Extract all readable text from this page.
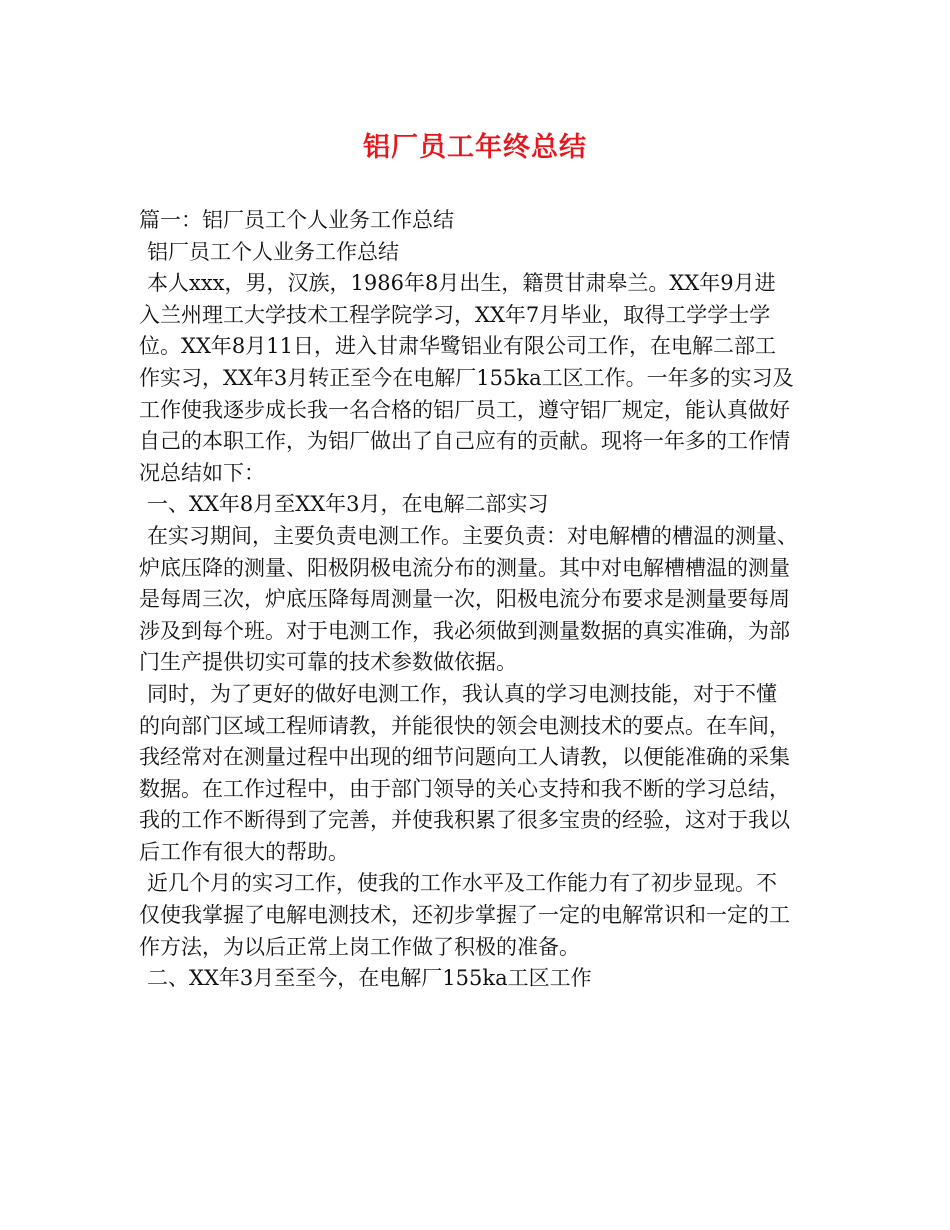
铝厂员工年终总结
篇一：铝厂员工个人业务工作总结
铝厂员工个人业务工作总结
本人xxx，男，汉族，1986年8月出生，籍贯甘肃皋兰。XX年9月进
入兰州理工大学技术工程学院学习，XX年7月毕业，取得工学学士学
位。XX年8月11日，进入甘肃华鹭铝业有限公司工作，在电解二部工
作实习，XX年3月转正至今在电解厂155ka工区工作。一年多的实习及
工作使我逐步成长我一名合格的铝厂员工，遵守铝厂规定，能认真做好
自己的本职工作，为铝厂做出了自己应有的贡献。现将一年多的工作情
况总结如下：
一、XX年8月至XX年3月，在电解二部实习
在实习期间，主要负责电测工作。主要负责：对电解槽的槽温的测量、
炉底压降的测量、阳极阴极电流分布的测量。其中对电解槽槽温的测量
是每周三次，炉底压降每周测量一次，阳极电流分布要求是测量要每周
涉及到每个班。对于电测工作，我必须做到测量数据的真实准确，为部
门生产提供切实可靠的技术参数做依据。
同时，为了更好的做好电测工作，我认真的学习电测技能，对于不懂
的向部门区域工程师请教，并能很快的领会电测技术的要点。在车间，
我经常对在测量过程中出现的细节问题向工人请教，以便能准确的采集
数据。在工作过程中，由于部门领导的关心支持和我不断的学习总结，
我的工作不断得到了完善，并使我积累了很多宝贵的经验，这对于我以
后工作有很大的帮助。
近几个月的实习工作，使我的工作水平及工作能力有了初步显现。不
仅使我掌握了电解电测技术，还初步掌握了一定的电解常识和一定的工
作方法，为以后正常上岗工作做了积极的准备。
二、XX年3月至至今，在电解厂155ka工区工作
